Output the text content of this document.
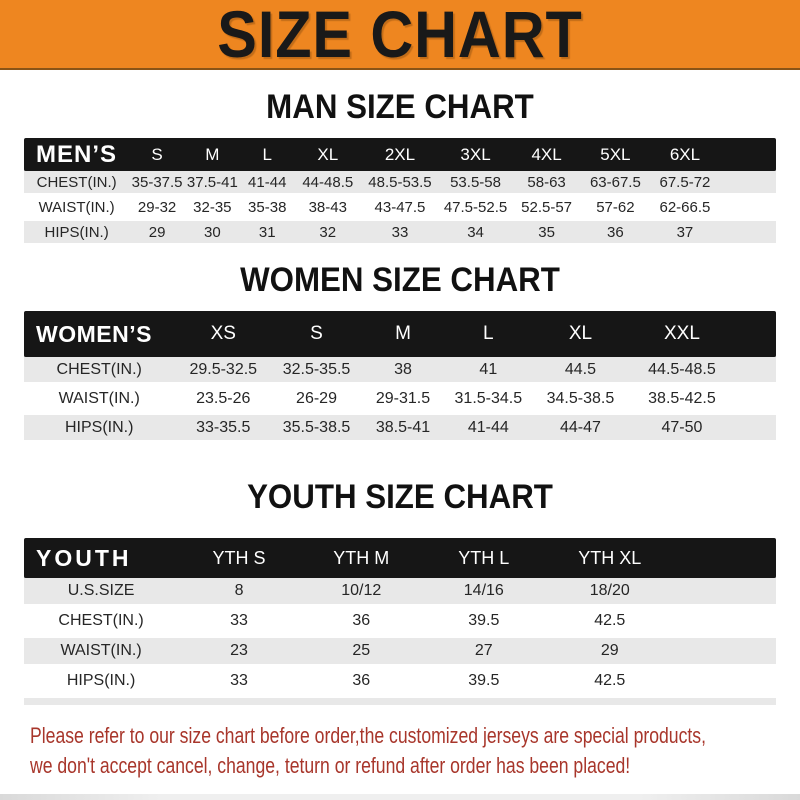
SIZE CHART
MAN SIZE CHART
MEN’S	S	M	L	XL	2XL	3XL	4XL	5XL	6XL
CHEST(IN.)	35-37.5 37.5-41 41-44	44-48.5	48.5-53.5	53.5-58	58-63	63-67.5	67.5-72
WAIST(IN.)	29-32	32-35	35-38	38-43	43-47.5	47.5-52.5 52.5-57	57-62	62-66.5
HIPS(IN.)	29	30	31	32	33	34	35	36	37
WOMEN SIZE CHART
WOMEN’S	XS	S	M	L	XL	XXL
CHEST(IN.)	29.5-32.5	32.5-35.5	38	41	44.5	44.5-48.5
WAIST(IN.)	23.5-26	26-29	29-31.5	31.5-34.5	34.5-38.5	38.5-42.5
HIPS(IN.)	33-35.5	35.5-38.5	38.5-41	41-44	44-47	47-50
YOUTH SIZE CHART
YOUTH	YTH S	YTH M	YTH L	YTH XL
U.S.SIZE	8	10/12	14/16	18/20
CHEST(IN.)	33	36	39.5	42.5
WAIST(IN.)	23	25	27	29
HIPS(IN.)	33	36	39.5	42.5

Please refer to our size chart before order,the customized jerseys are special products,

we don't accept cancel, change, teturn or refund after order has been placed!
